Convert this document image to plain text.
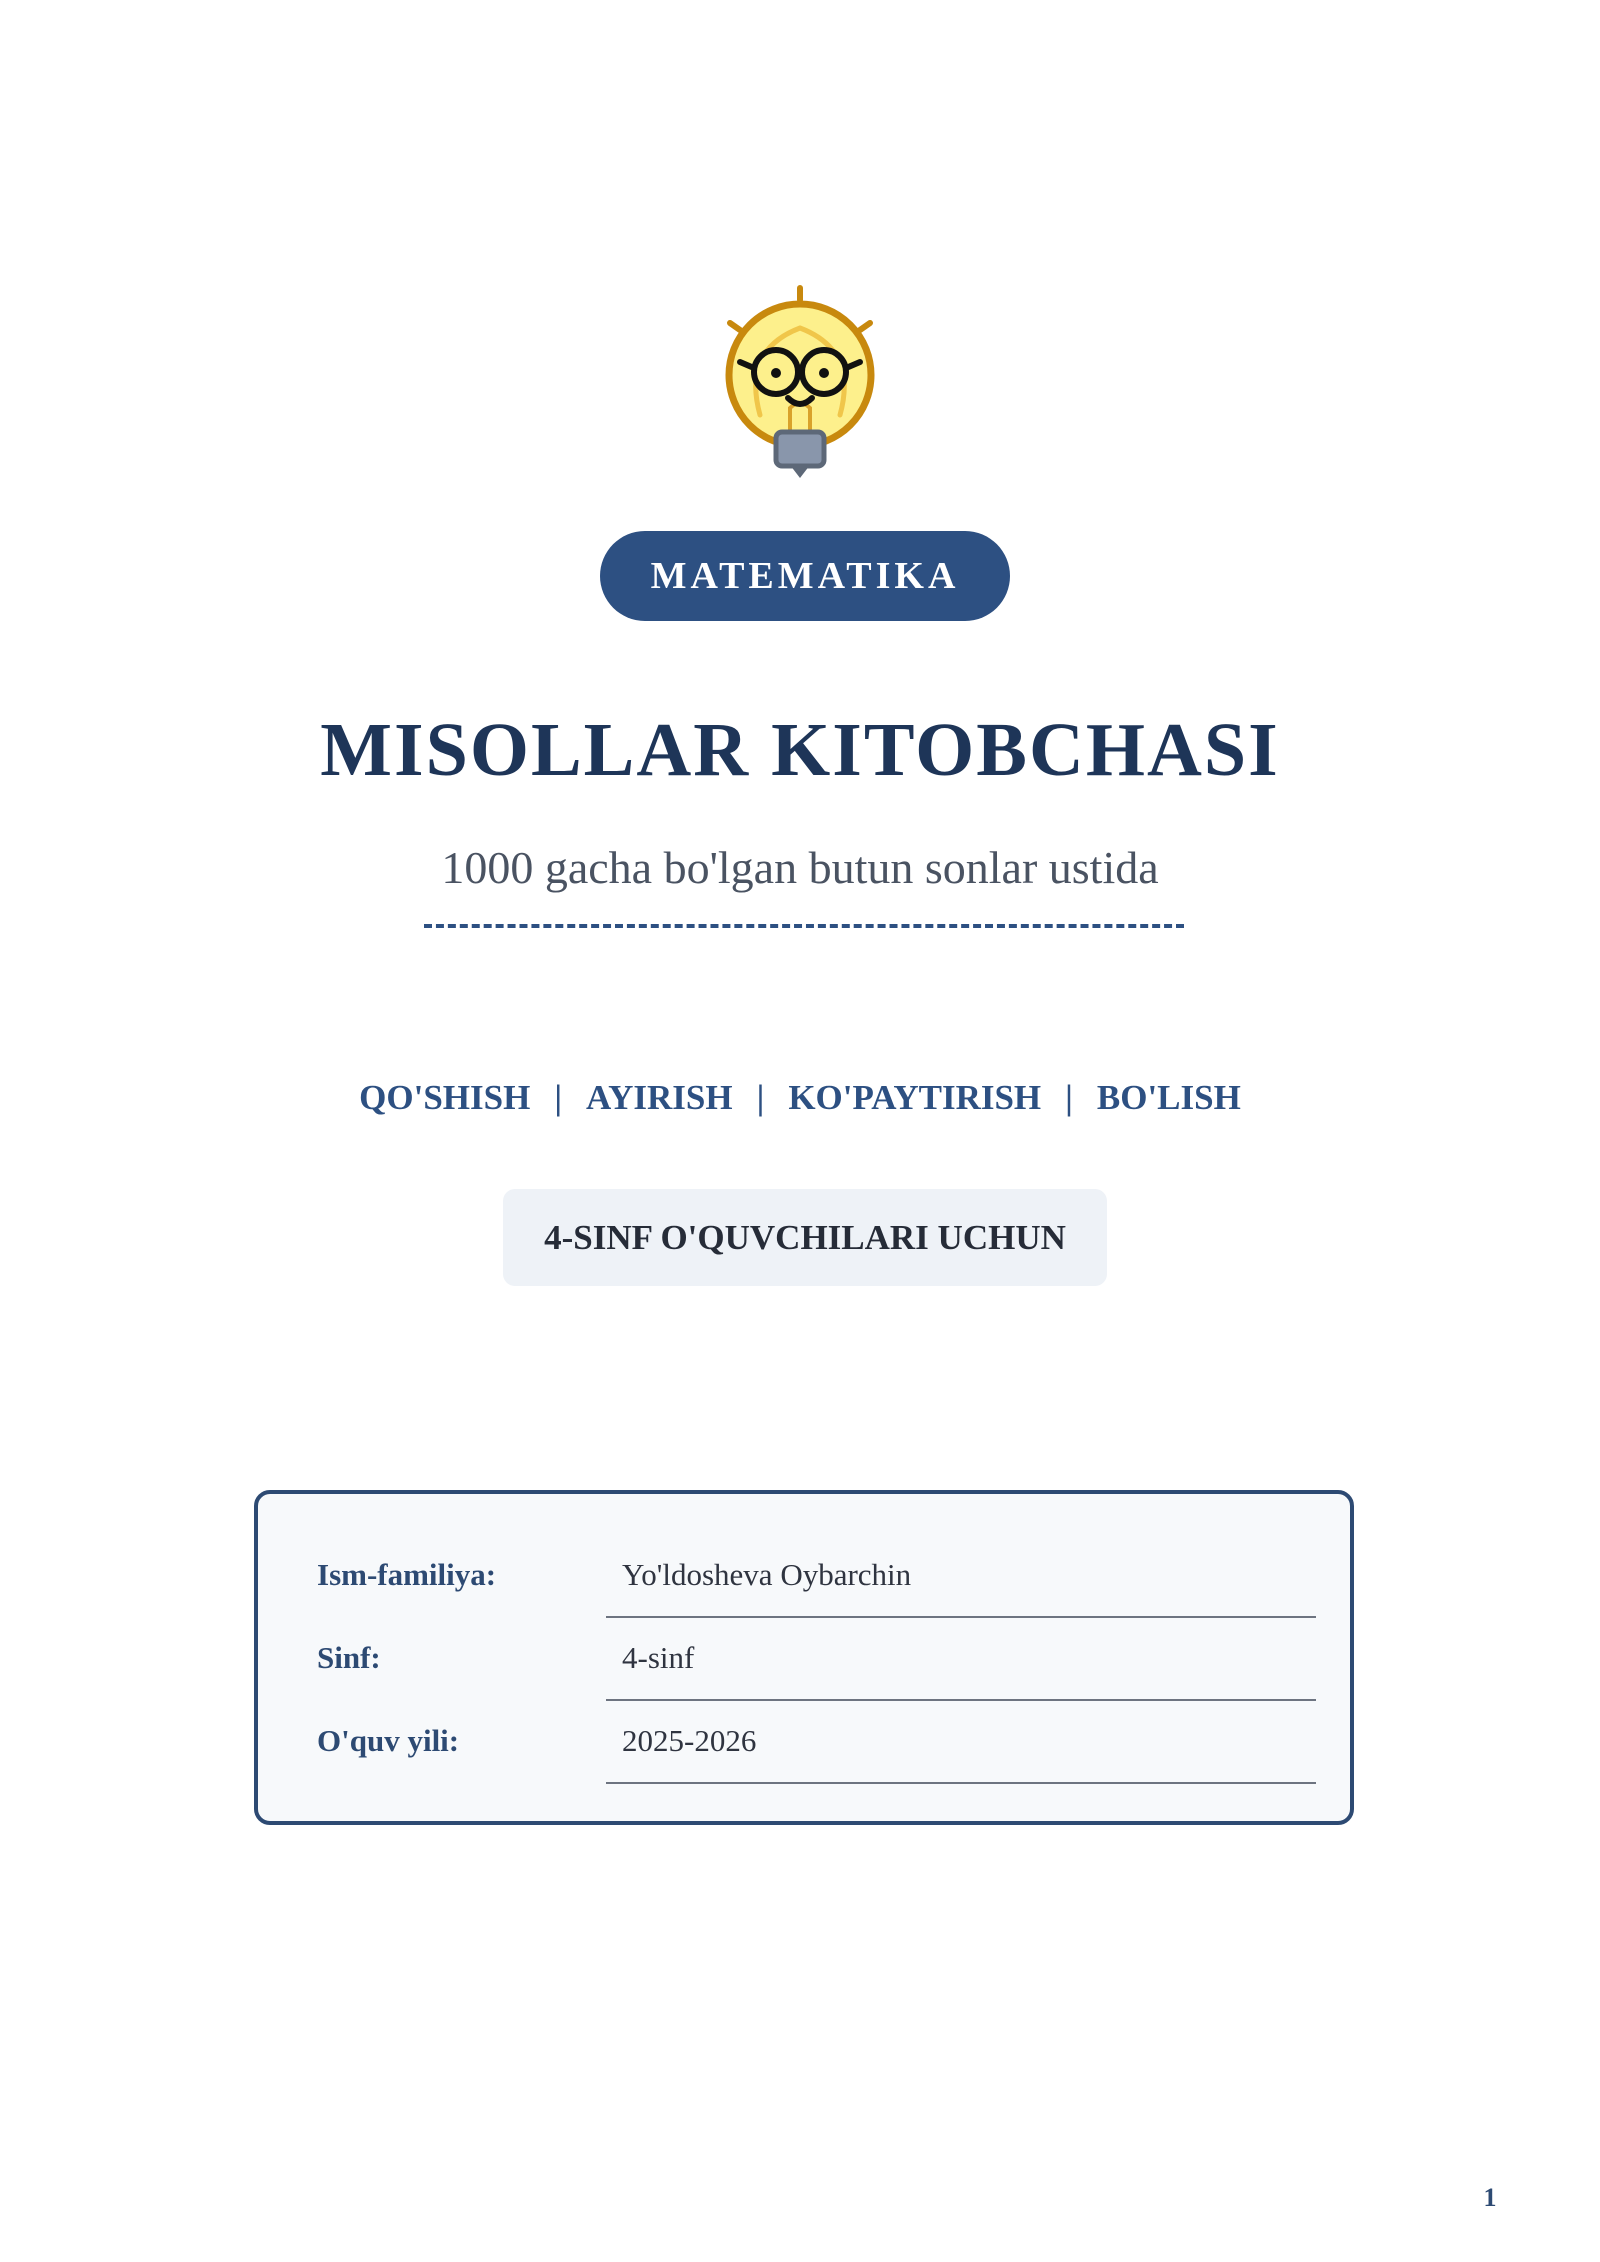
MATEMATIKA
MISOLLAR KITOBCHASI
1000 gacha bo'lgan butun sonlar ustida
QO'SHISH | AYIRISH | KO'PAYTIRISH | BO'LISH
4-SINF O'QUVCHILARI UCHUN
Ism-familiya:	Yo'ldosheva Oybarchin
Sinf:	4-sinf
O'quv yili:	2025-2026
1
